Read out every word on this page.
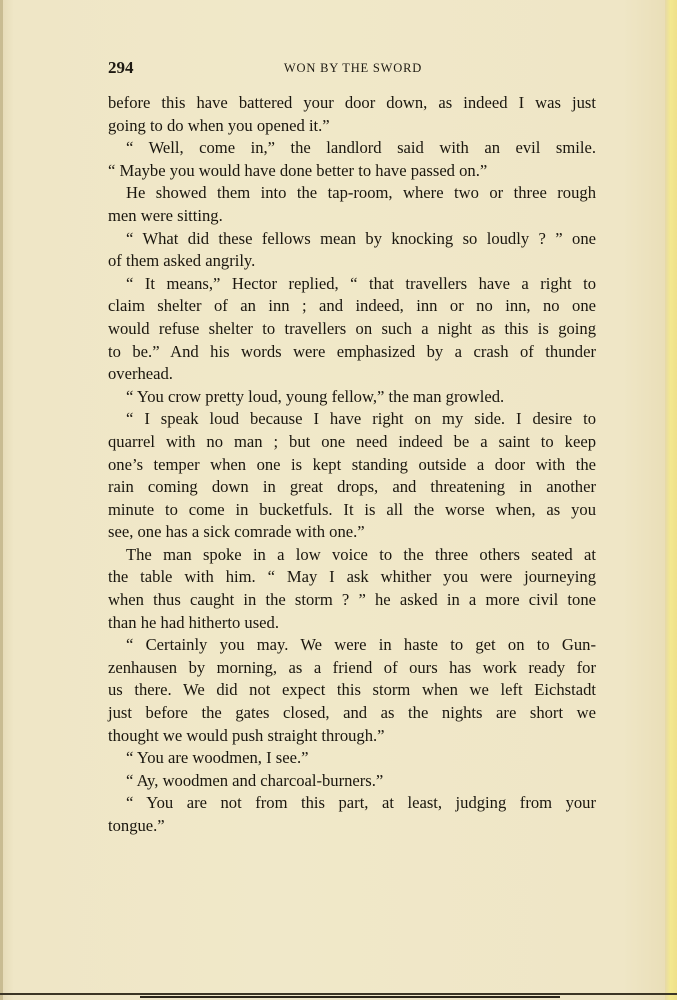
294	WON BY THE SWORD
before this have battered your door down, as indeed I was just
going to do when you opened it.”
“ Well, come in,” the landlord said with an evil smile.
“ Maybe you would have done better to have passed on.”
He showed them into the tap-room, where two or three rough
men were sitting.
“ What did these fellows mean by knocking so loudly ? ” one
of them asked angrily.
“ It means,” Hector replied, “ that travellers have a right to
claim shelter of an inn ; and indeed, inn or no inn, no one
would refuse shelter to travellers on such a night as this is going
to be.” And his words were emphasized by a crash of thunder
overhead.
“ You crow pretty loud, young fellow,” the man growled.
“ I speak loud because I have right on my side. I desire to
quarrel with no man ; but one need indeed be a saint to keep
one’s temper when one is kept standing outside a door with the
rain coming down in great drops, and threatening in another
minute to come in bucketfuls. It is all the worse when, as you
see, one has a sick comrade with one.”
The man spoke in a low voice to the three others seated at
the table with him. “ May I ask whither you were journeying
when thus caught in the storm ? ” he asked in a more civil tone
than he had hitherto used.
“ Certainly you may. We were in haste to get on to Gun-
zenhausen by morning, as a friend of ours has work ready for
us there. We did not expect this storm when we left Eichstadt
just before the gates closed, and as the nights are short we
thought we would push straight through.”
“ You are woodmen, I see.”
“ Ay, woodmen and charcoal-burners.”
“ You are not from this part, at least, judging from your
tongue.”
